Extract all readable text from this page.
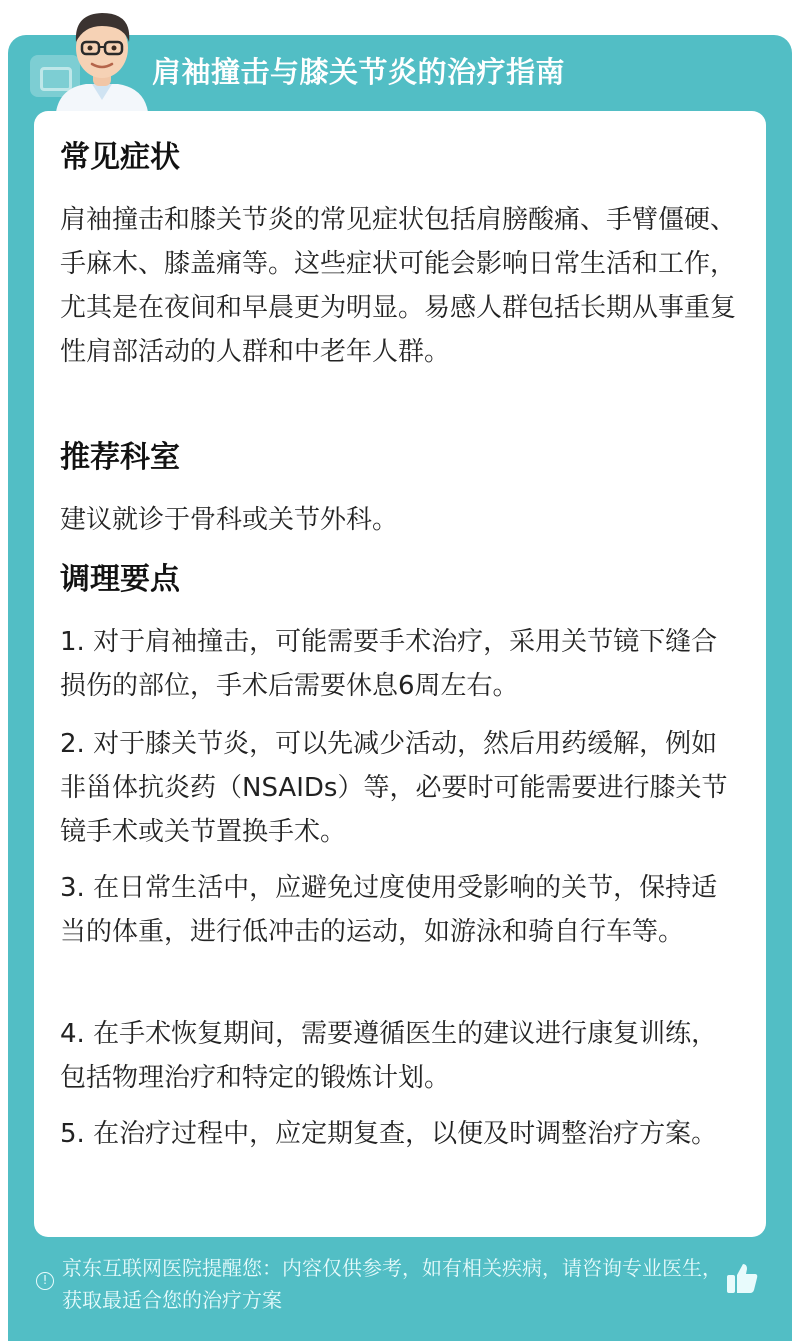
肩袖撞击与膝关节炎的治疗指南
常见症状

肩袖撞击和膝关节炎的常见症状包括肩膀酸痛、手臂僵硬、手麻木、膝盖痛等。这些症状可能会影响日常生活和工作，尤其是在夜间和早晨更为明显。易感人群包括长期从事重复性肩部活动的人群和中老年人群。

推荐科室

建议就诊于骨科或关节外科。

调理要点

1. 对于肩袖撞击，可能需要手术治疗，采用关节镜下缝合损伤的部位，手术后需要休息6周左右。

2. 对于膝关节炎，可以先减少活动，然后用药缓解，例如非甾体抗炎药（NSAIDs）等，必要时可能需要进行膝关节镜手术或关节置换手术。

3. 在日常生活中，应避免过度使用受影响的关节，保持适当的体重，进行低冲击的运动，如游泳和骑自行车等。

4. 在手术恢复期间，需要遵循医生的建议进行康复训练，包括物理治疗和特定的锻炼计划。

5. 在治疗过程中，应定期复查，以便及时调整治疗方案。

! 京东互联网医院提醒您：内容仅供参考，如有相关疾病，请咨询专业医生，获取最适合您的治疗方案
